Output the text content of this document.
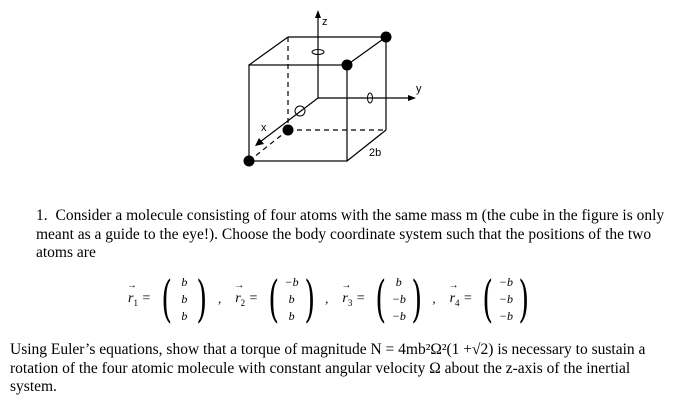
z
y
x
2b
1. Consider a molecule consisting of four atoms with the same mass m (the cube in the figure is only meant as a guide to the eye!). Choose the body coordinate system such that the positions of the two atoms are
→ $r_1$ = ( b
b
b ) , → $r_2$ = ( −b
b
b ) , → $r_3$ = ( b
−b
−b ) , → $r_4$ = ( −b
−b
−b )
Using Euler’s equations, show that a torque of magnitude N = 4mb²Ω²(1 +√2) is necessary to sustain a rotation of the four atomic molecule with constant angular velocity Ω about the z-axis of the inertial system.
